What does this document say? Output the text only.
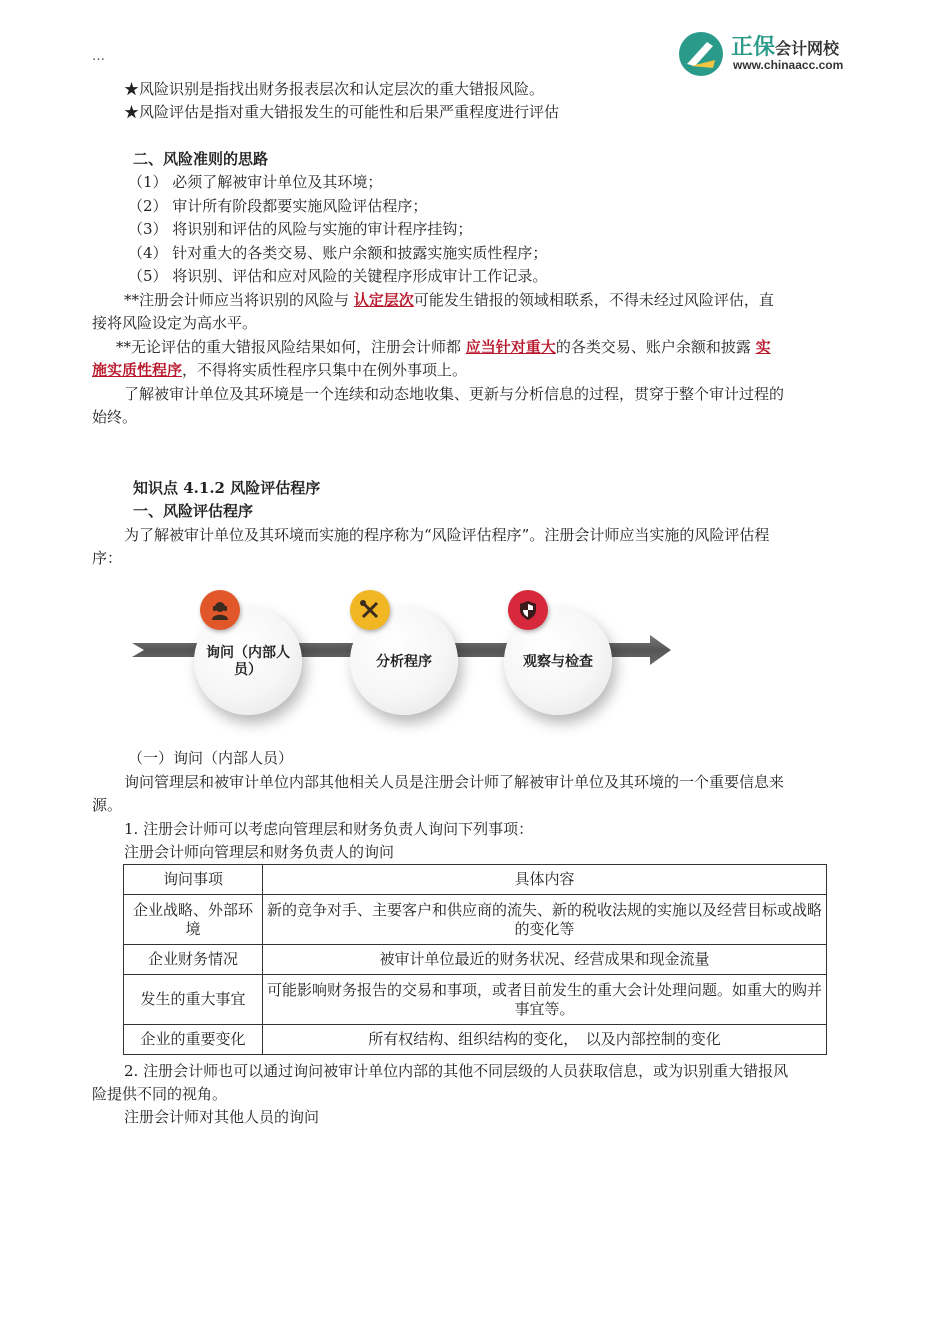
…	正保会计网校
www.chinaacc.com
★风险识别是指找出财务报表层次和认定层次的重大错报风险。
★风险评估是指对重大错报发生的可能性和后果严重程度进行评估
二、风险准则的思路
（1） 必须了解被审计单位及其环境；
（2） 审计所有阶段都要实施风险评估程序；
（3） 将识别和评估的风险与实施的审计程序挂钩；
（4） 针对重大的各类交易、账户余额和披露实施实质性程序；
（5） 将识别、评估和应对风险的关键程序形成审计工作记录。
**注册会计师应当将识别的风险与 认定层次可能发生错报的领域相联系，不得未经过风险评估，直
接将风险设定为高水平。
**无论评估的重大错报风险结果如何，注册会计师都 应当针对重大的各类交易、账户余额和披露 实
施实质性程序，不得将实质性程序只集中在例外事项上。
了解被审计单位及其环境是一个连续和动态地收集、更新与分析信息的过程，贯穿于整个审计过程的
始终。
知识点 4.1.2 风险评估程序
一、风险评估程序
为了解被审计单位及其环境而实施的程序称为“风险评估程序”。注册会计师应当实施的风险评估程
序：
询问（内部人
员）
分析程序	观察与检查
（一）询问（内部人员）
询问管理层和被审计单位内部其他相关人员是注册会计师了解被审计单位及其环境的一个重要信息来
源。
1. 注册会计师可以考虑向管理层和财务负责人询问下列事项：
注册会计师向管理层和财务负责人的询问
询问事项	具体内容
企业战略、外部环境	新的竞争对手、主要客户和供应商的流失、新的税收法规的实施以及经营目标或战略的变化等
企业财务情况	被审计单位最近的财务状况、经营成果和现金流量
发生的重大事宜	可能影响财务报告的交易和事项，或者目前发生的重大会计处理问题。如重大的购并事宜等。
企业的重要变化	所有权结构、组织结构的变化，　以及内部控制的变化
2. 注册会计师也可以通过询问被审计单位内部的其他不同层级的人员获取信息，或为识别重大错报风
险提供不同的视角。
注册会计师对其他人员的询问
